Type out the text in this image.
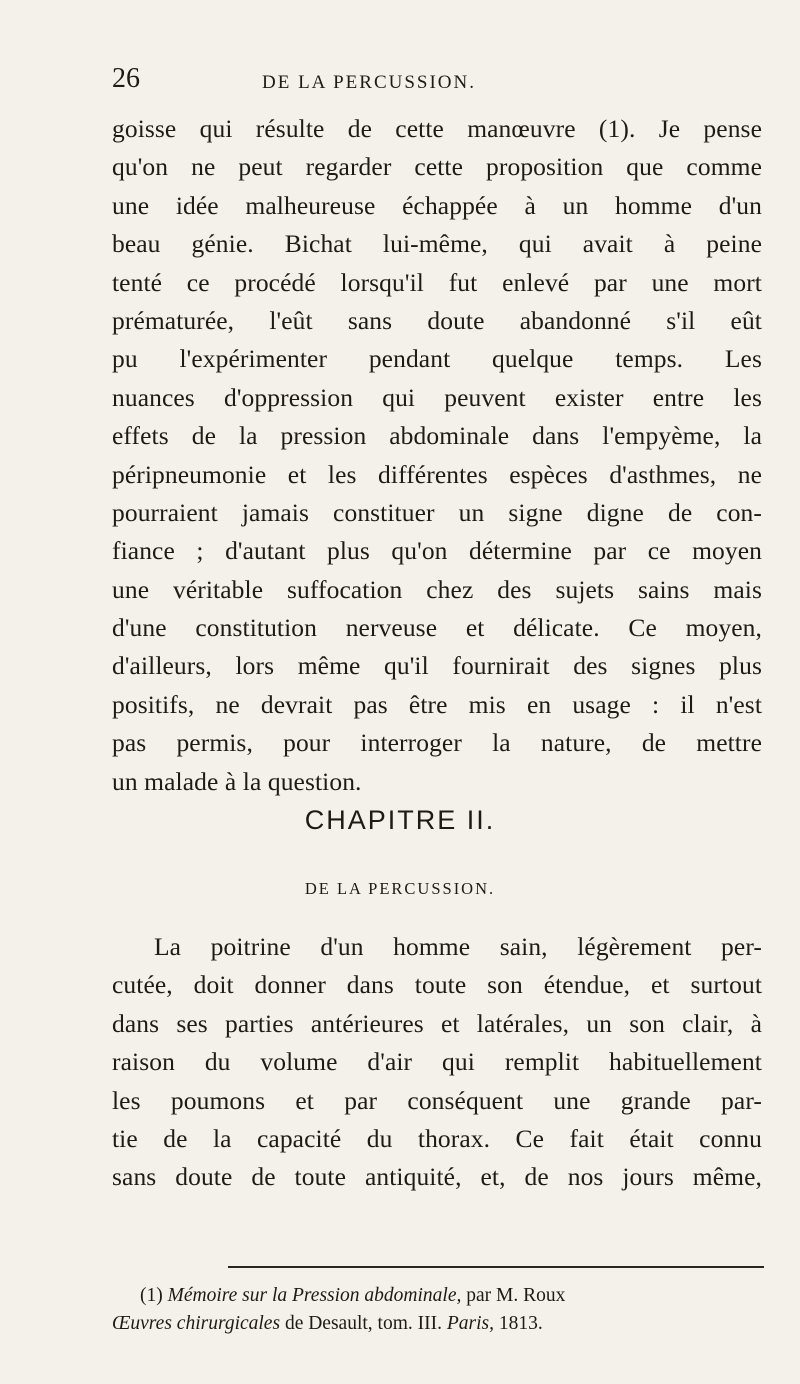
26	DE LA PERCUSSION.
goisse qui résulte de cette manœuvre (1). Je pense
qu'on ne peut regarder cette proposition que comme
une idée malheureuse échappée à un homme d'un
beau génie. Bichat lui-même, qui avait à peine
tenté ce procédé lorsqu'il fut enlevé par une mort
prématurée, l'eût sans doute abandonné s'il eût
pu l'expérimenter pendant quelque temps. Les
nuances d'oppression qui peuvent exister entre les
effets de la pression abdominale dans l'empyème, la
péripneumonie et les différentes espèces d'asthmes, ne
pourraient jamais constituer un signe digne de con-
fiance ; d'autant plus qu'on détermine par ce moyen
une véritable suffocation chez des sujets sains mais
d'une constitution nerveuse et délicate. Ce moyen,
d'ailleurs, lors même qu'il fournirait des signes plus
positifs, ne devrait pas être mis en usage : il n'est
pas permis, pour interroger la nature, de mettre
un malade à la question.
CHAPITRE II.
DE LA PERCUSSION.
La poitrine d'un homme sain, légèrement per-
cutée, doit donner dans toute son étendue, et surtout
dans ses parties antérieures et latérales, un son clair, à
raison du volume d'air qui remplit habituellement
les poumons et par conséquent une grande par-
tie de la capacité du thorax. Ce fait était connu
sans doute de toute antiquité, et, de nos jours même,
(1) Mémoire sur la Pression abdominale, par M. Roux
Œuvres chirurgicales de Desault, tom. III. Paris, 1813.
